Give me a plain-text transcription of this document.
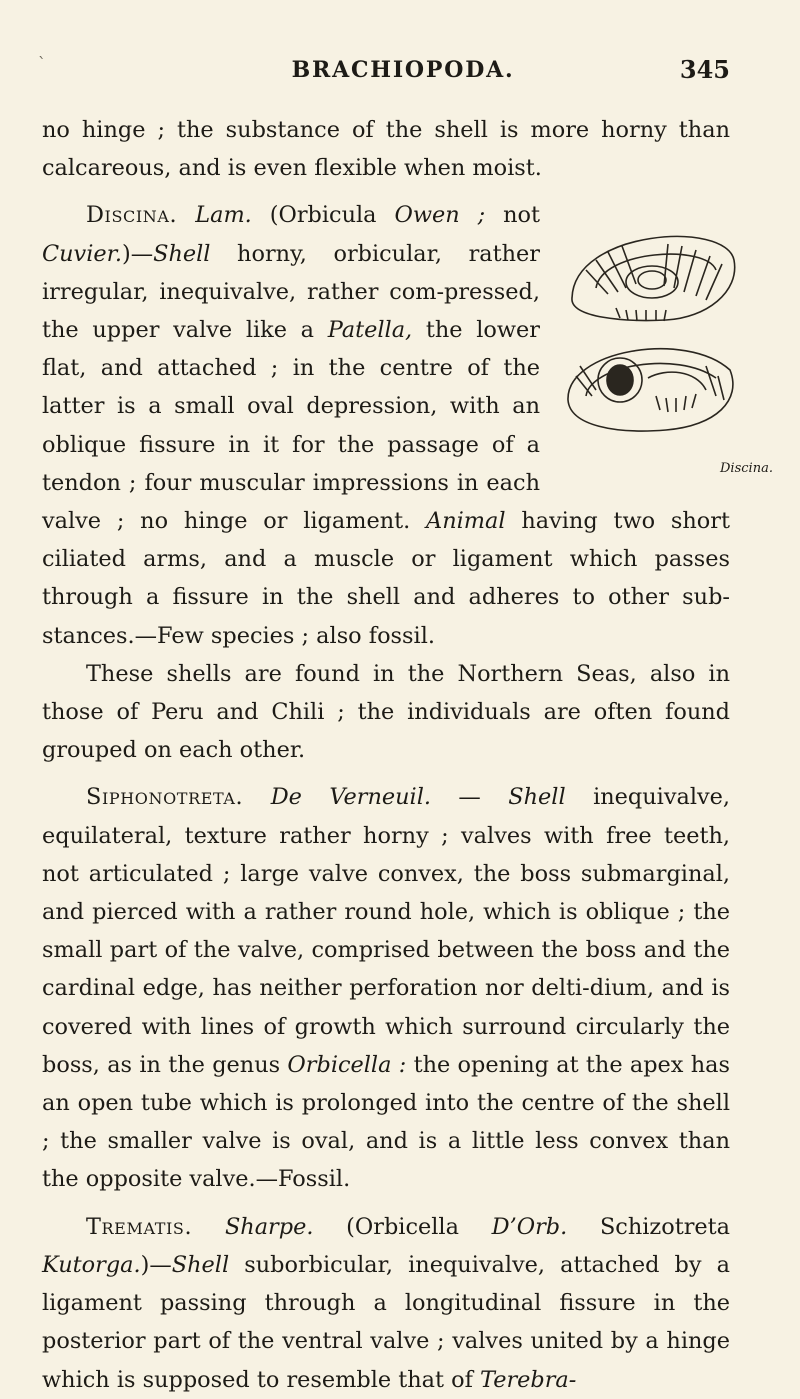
`	BRACHIOPODA.	345

no hinge ; the substance of the shell is more horny than calcareous, and is even flexible when moist.

Discina.
Discina. Lam. (Orbicula Owen ; not Cuvier.)—Shell horny, orbicular, rather irregular, inequivalve, rather com-pressed, the upper valve like a Patella, the lower flat, and attached ; in the centre of the latter is a small oval depression, with an oblique fissure in it for the passage of a tendon ; four muscular impressions in each valve ; no hinge or ligament. Animal having two short ciliated arms, and a muscle or ligament which passes through a fissure in the shell and adheres to other sub-stances.—Few species ; also fossil.

These shells are found in the Northern Seas, also in those of Peru and Chili ; the individuals are often found grouped on each other.

Siphonotreta. De Verneuil. — Shell inequivalve, equilateral, texture rather horny ; valves with free teeth, not articulated ; large valve convex, the boss submarginal, and pierced with a rather round hole, which is oblique ; the small part of the valve, comprised between the boss and the cardinal edge, has neither perforation nor delti-dium, and is covered with lines of growth which surround circularly the boss, as in the genus Orbicella : the opening at the apex has an open tube which is prolonged into the centre of the shell ; the smaller valve is oval, and is a little less convex than the opposite valve.—Fossil.

Trematis. Sharpe. (Orbicella D’Orb. Schizotreta Kutorga.)—Shell suborbicular, inequivalve, attached by a ligament passing through a longitudinal fissure in the posterior part of the ventral valve ; valves united by a hinge which is supposed to resemble that of Terebra-
